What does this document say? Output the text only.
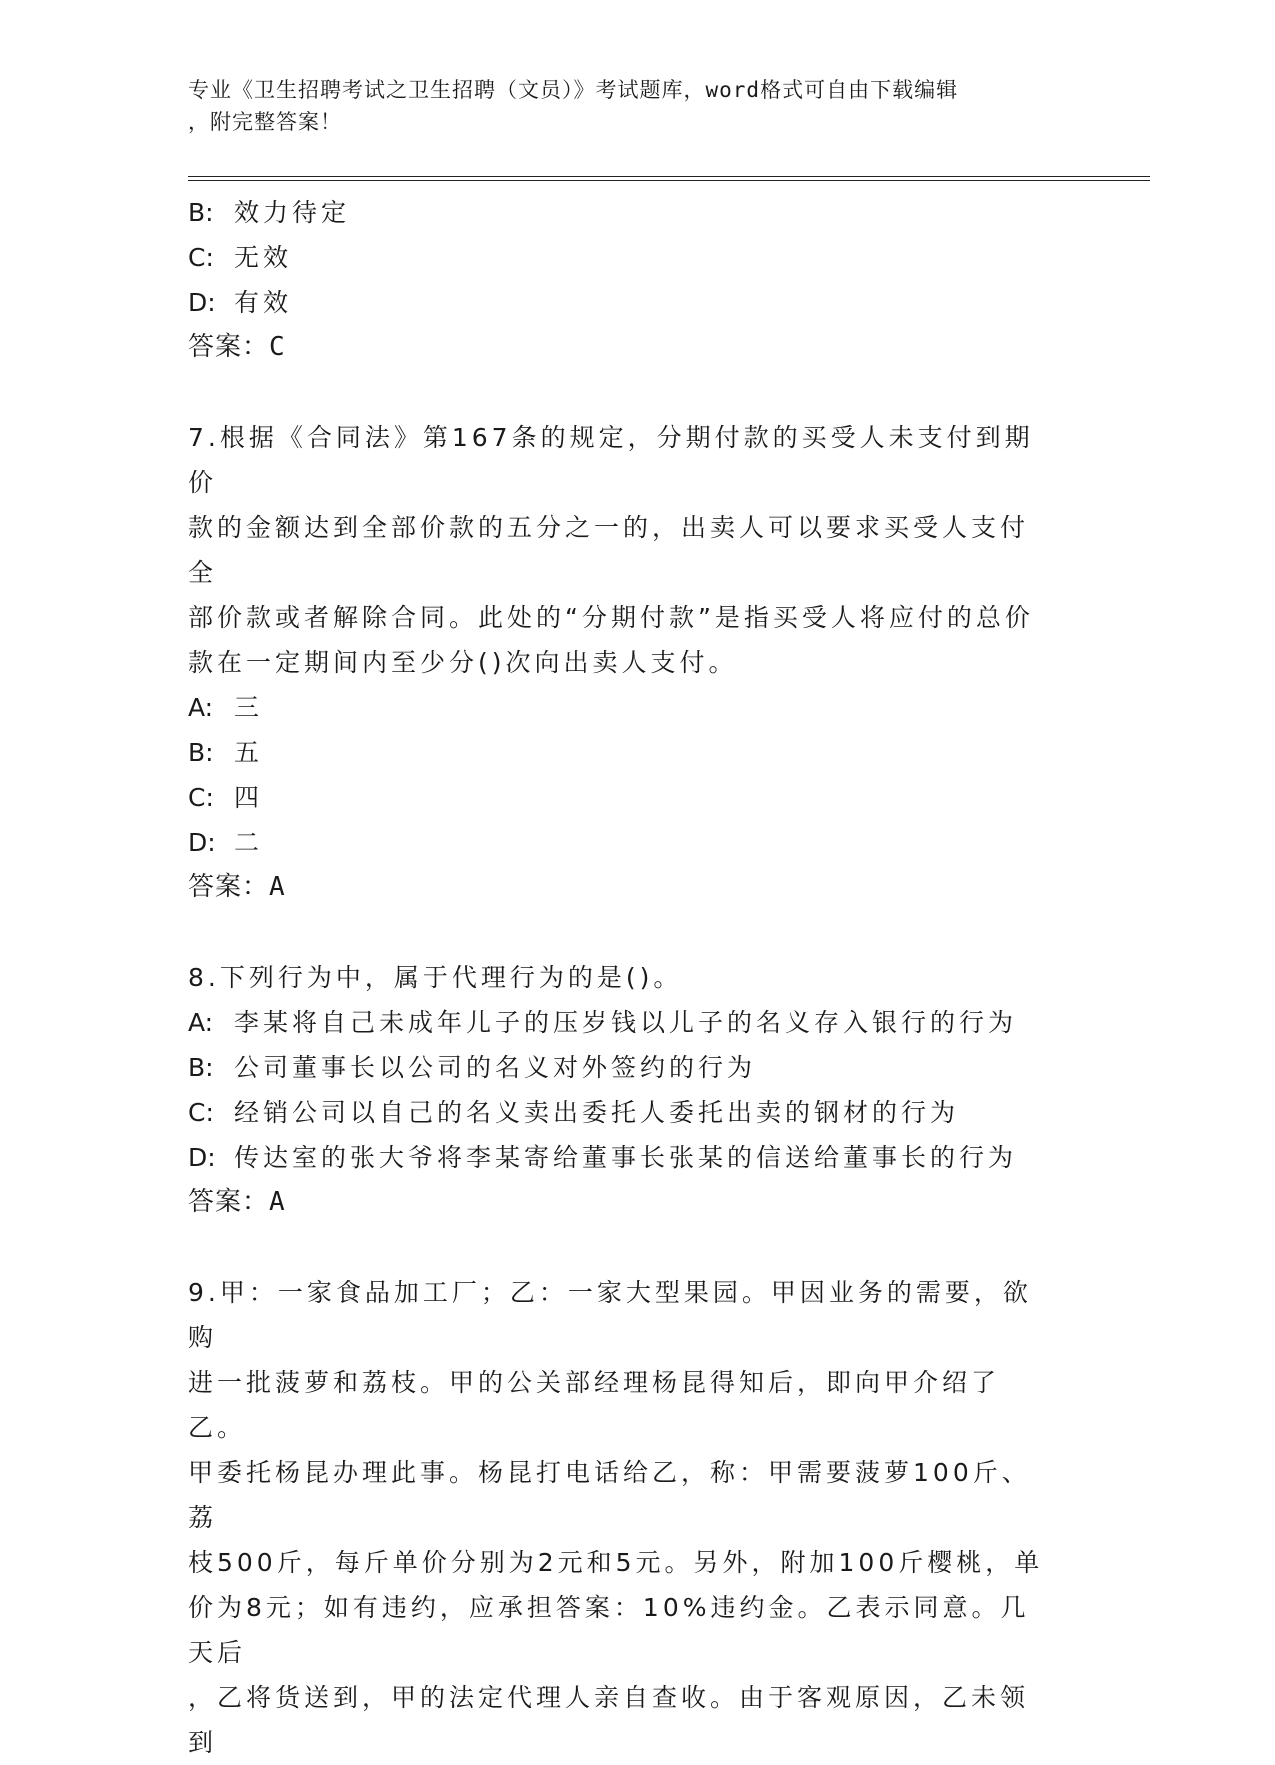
专业《卫生招聘考试之卫生招聘（文员）》考试题库，word格式可自由下载编辑
，附完整答案！
B: 效力待定
C: 无效
D: 有效
答案：C
7.根据《合同法》第167条的规定，分期付款的买受人未支付到期价
款的金额达到全部价款的五分之一的，出卖人可以要求买受人支付全
部价款或者解除合同。此处的“分期付款”是指买受人将应付的总价
款在一定期间内至少分()次向出卖人支付。
A: 三
B: 五
C: 四
D: 二
答案：A
8.下列行为中，属于代理行为的是()。
A: 李某将自己未成年儿子的压岁钱以儿子的名义存入银行的行为
B: 公司董事长以公司的名义对外签约的行为
C: 经销公司以自己的名义卖出委托人委托出卖的钢材的行为
D: 传达室的张大爷将李某寄给董事长张某的信送给董事长的行为
答案：A
9.甲：一家食品加工厂；乙：一家大型果园。甲因业务的需要，欲购
进一批菠萝和荔枝。甲的公关部经理杨昆得知后，即向甲介绍了乙。
甲委托杨昆办理此事。杨昆打电话给乙，称：甲需要菠萝100斤、荔
枝500斤，每斤单价分别为2元和5元。另外，附加100斤樱桃，单
价为8元；如有违约，应承担答案：10%违约金。乙表示同意。几天后
，乙将货送到，甲的法定代理人亲自查收。由于客观原因，乙未领到
